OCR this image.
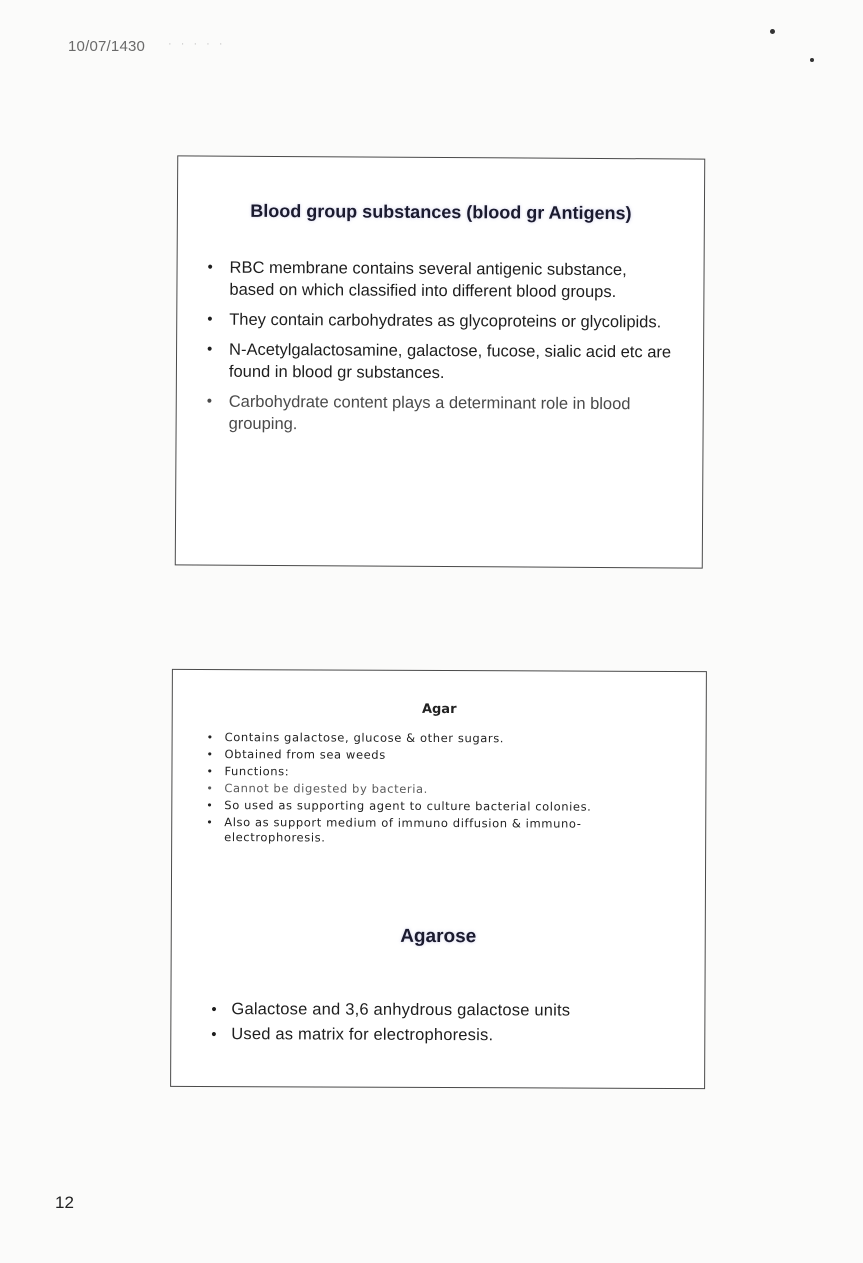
10/07/1430 · · · · ·
Blood group substances (blood gr Antigens)
• RBC membrane contains several antigenic substance, based on which classified into different blood groups.
• They contain carbohydrates as glycoproteins or glycolipids.
• N-Acetylgalactosamine, galactose, fucose, sialic acid etc are found in blood gr substances.
• Carbohydrate content plays a determinant role in blood grouping.
Agar
• Contains galactose, glucose & other sugars.
• Obtained from sea weeds
• Functions:
• Cannot be digested by bacteria.
• So used as supporting agent to culture bacterial colonies.
• Also as support medium of immuno diffusion & immuno-electrophoresis.
Agarose
• Galactose and 3,6 anhydrous galactose units
• Used as matrix for electrophoresis.
12
